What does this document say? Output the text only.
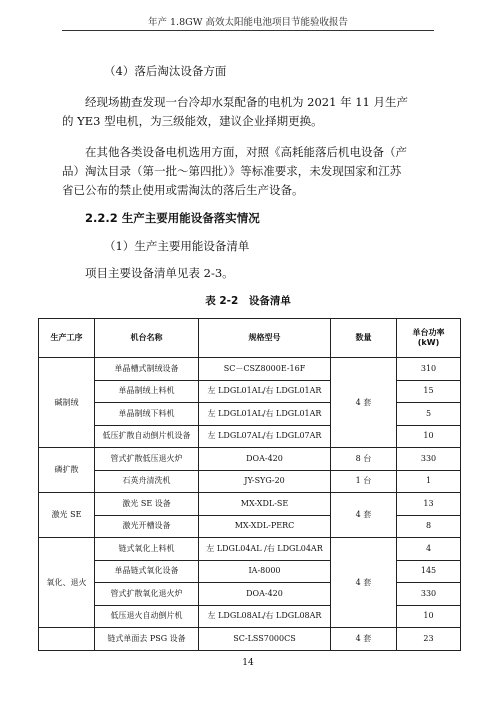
年产 1.8GW 高效太阳能电池项目节能验收报告
（4）落后淘汰设备方面
经现场勘查发现一台冷却水泵配备的电机为 2021 年 11 月生产
的 YE3 型电机，为三级能效，建议企业择期更换。
在其他各类设备电机选用方面，对照《高耗能落后机电设备（产
品）淘汰目录（第一批～第四批）》等标准要求，未发现国家和江苏
省已公布的禁止使用或需淘汰的落后生产设备。
2.2.2 生产主要用能设备落实情况
（1）生产主要用能设备清单
项目主要设备清单见表 2-3。
表 2-2　设备清单
生产工序	机台名称	规格型号	数量	单台功率
(kW)

碱制绒	单晶槽式制绒设备	SC－CSZ8000E-16F	4 套	310
	单晶制绒上料机	左 LDGL01AL/右 LDGL01AR		15
	单晶制绒下料机	左 LDGL01AL/右 LDGL01AR		5
	低压扩散自动倒片机设备	左 LDGL07AL/右 LDGL07AR		10
磷扩散	管式扩散低压退火炉	DOA-420	8 台	330
	石英舟清洗机	JY-SYG-20	1 台	1
激光 SE	激光 SE 设备	MX-XDL-SE	4 套	13
	激光开槽设备	MX-XDL-PERC		8
氧化、退火	链式氧化上料机	左 LDGL04AL /右 LDGL04AR	4 套	4
	单晶链式氧化设备	IA-8000		145
	管式扩散氧化退火炉	DOA-420		330
	低压退火自动倒片机	左 LDGL08AL/右 LDGL08AR		10
	链式单面去 PSG 设备	SC-LSS7000CS	4 套	23
14
